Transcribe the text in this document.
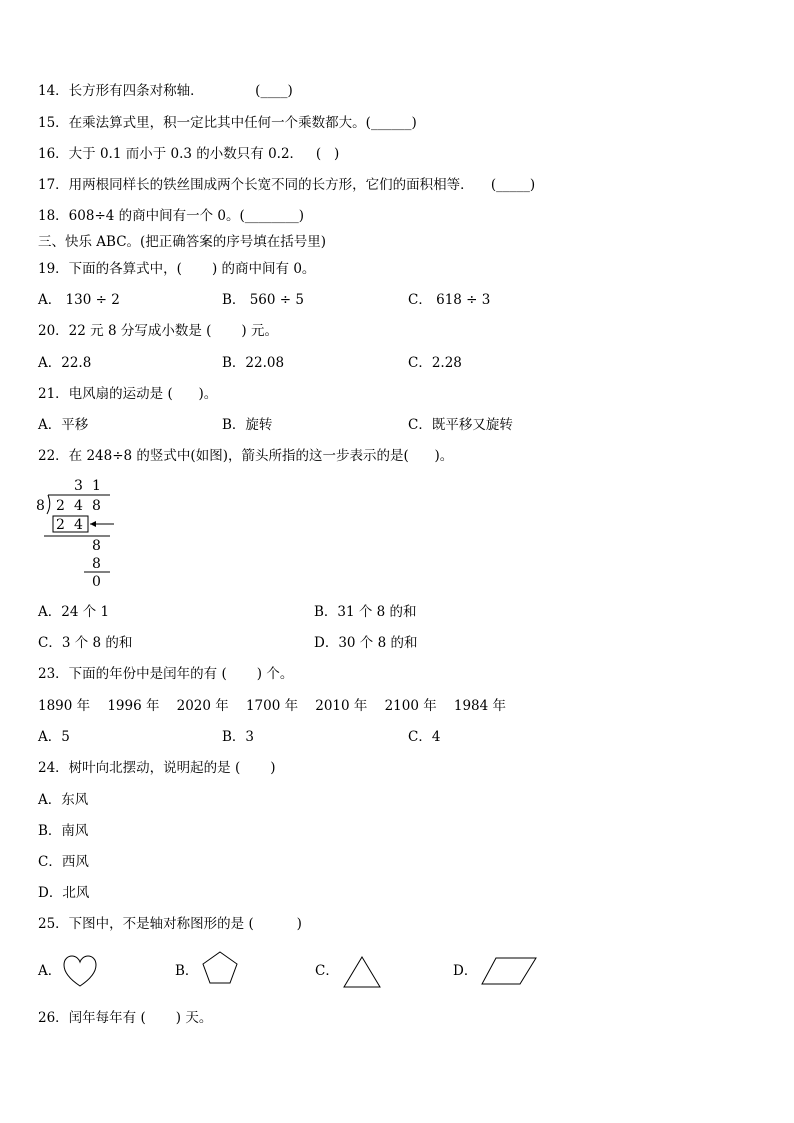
14．长方形有四条对称轴．            (____)
15．在乘法算式里，积一定比其中任何一个乘数都大。(______)
16．大于 0.1 而小于 0.3 的小数只有 0.2．   (   )
17．用两根同样长的铁丝围成两个长宽不同的长方形，它们的面积相等．    (_____)
18．608÷4 的商中间有一个 0。(________)
三、快乐 ABC。(把正确答案的序号填在括号里)
19．下面的各算式中，(       ) 的商中间有 0。
A． 130 ÷ 2	B． 560 ÷ 5	C． 618 ÷ 3
20．22 元 8 分写成小数是 (       ) 元。
A．22.8	B．22.08	C．2.28
21．电风扇的运动是 (      )。
A．平移	B．旋转	C．既平移又旋转
22．在 248÷8 的竖式中(如图)，箭头所指的这一步表示的是(      )。
3 1
8 2 4 8
2 4
8
8
0
A．24 个 1	B．31 个 8 的和
C．3 个 8 的和	D．30 个 8 的和
23．下面的年份中是闰年的有 (       ) 个。
1890 年    1996 年    2020 年    1700 年    2010 年    2100 年    1984 年
A．5	B．3	C．4
24．树叶向北摆动，说明起的是 (       )
A．东风
B．南风
C．西风
D．北风
25．下图中，不是轴对称图形的是 (          )
A．	B．	C．	D．
26．闰年每年有 (       ) 天。
